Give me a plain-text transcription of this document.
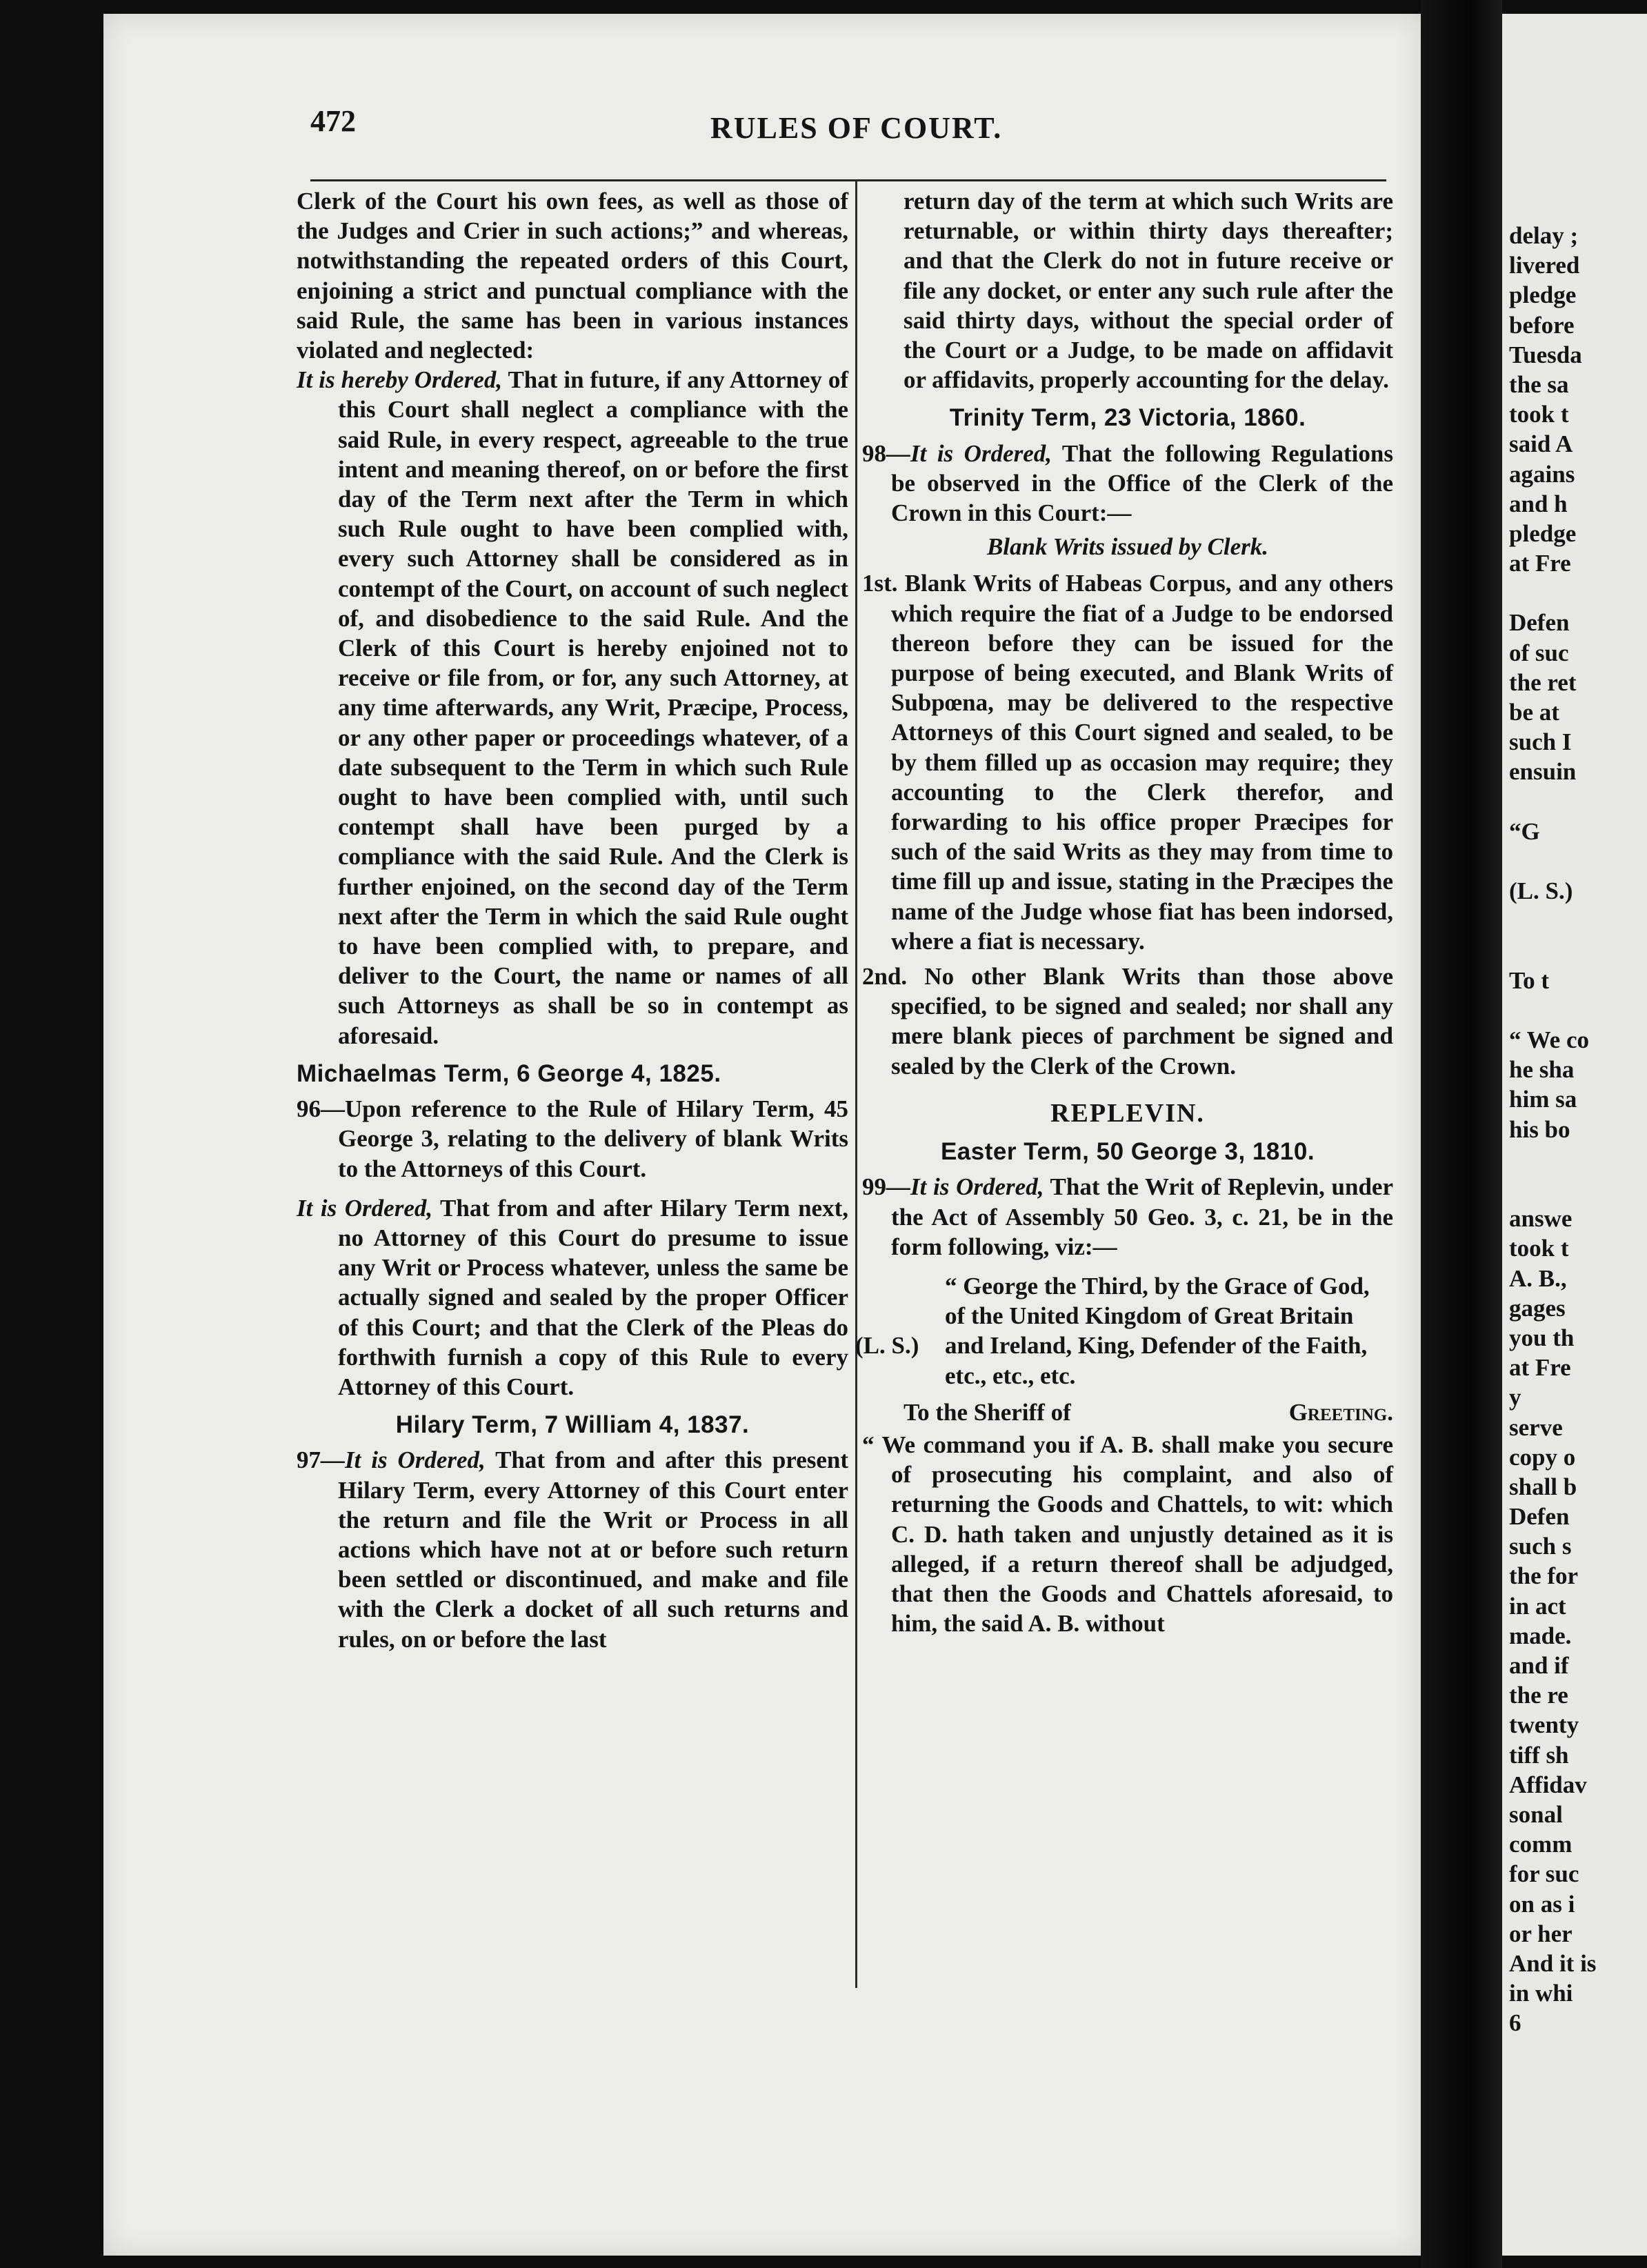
delay ;
livered
pledge
before
Tuesda
the sa
took t
said A
agains
and h
pledge
at Fre
Defen
of suc
the ret
be at
such I
ensuin
“G
(L. S.)
To t
“ We co
he sha
him sa
his bo
answe
took t
A. B.,
gages
you th
at Fre
y
serve
copy o
shall b
Defen
such s
the for
in act
made.
and if
the re
twenty
tiff sh
Affidav
sonal
comm
for suc
on as i
or her
And it is
in whi
6
472	RULES OF COURT.

Clerk of the Court his own fees, as well as those of the Judges and Crier in such actions;” and whereas, notwithstanding the repeated orders of this Court, enjoining a strict and punctual compliance with the said Rule, the same has been in various instances violated and neglected:

It is hereby Ordered, That in future, if any Attorney of this Court shall neglect a compliance with the said Rule, in every respect, agreeable to the true intent and meaning thereof, on or before the first day of the Term next after the Term in which such Rule ought to have been complied with, every such Attorney shall be considered as in contempt of the Court, on account of such neglect of, and disobedience to the said Rule. And the Clerk of this Court is hereby enjoined not to receive or file from, or for, any such Attorney, at any time afterwards, any Writ, Præcipe, Process, or any other paper or proceedings whatever, of a date subsequent to the Term in which such Rule ought to have been complied with, until such contempt shall have been purged by a compliance with the said Rule. And the Clerk is further enjoined, on the second day of the Term next after the Term in which the said Rule ought to have been complied with, to prepare, and deliver to the Court, the name or names of all such Attorneys as shall be so in contempt as aforesaid.

Michaelmas Term, 6 George 4, 1825.

96—Upon reference to the Rule of Hilary Term, 45 George 3, relating to the delivery of blank Writs to the Attorneys of this Court.

It is Ordered, That from and after Hilary Term next, no Attorney of this Court do presume to issue any Writ or Process whatever, unless the same be actually signed and sealed by the proper Officer of this Court; and that the Clerk of the Pleas do forthwith furnish a copy of this Rule to every Attorney of this Court.

Hilary Term, 7 William 4, 1837.

97—It is Ordered, That from and after this present Hilary Term, every Attorney of this Court enter the return and file the Writ or Process in all actions which have not at or before such return been settled or discontinued, and make and file with the Clerk a docket of all such returns and rules, on or before the last

return day of the term at which such Writs are returnable, or within thirty days thereafter; and that the Clerk do not in future receive or file any docket, or enter any such rule after the said thirty days, without the special order of the Court or a Judge, to be made on affidavit or affidavits, properly accounting for the delay.

Trinity Term, 23 Victoria, 1860.

98—It is Ordered, That the following Regulations be observed in the Office of the Clerk of the Crown in this Court:—

Blank Writs issued by Clerk.

1st. Blank Writs of Habeas Corpus, and any others which require the fiat of a Judge to be endorsed thereon before they can be issued for the purpose of being executed, and Blank Writs of Subpœna, may be delivered to the respective Attorneys of this Court signed and sealed, to be by them filled up as occasion may require; they accounting to the Clerk therefor, and forwarding to his office proper Præcipes for such of the said Writs as they may from time to time fill up and issue, stating in the Præcipes the name of the Judge whose fiat has been indorsed, where a fiat is necessary.

2nd. No other Blank Writs than those above specified, to be signed and sealed; nor shall any mere blank pieces of parchment be signed and sealed by the Clerk of the Crown.

REPLEVIN.

Easter Term, 50 George 3, 1810.

99—It is Ordered, That the Writ of Replevin, under the Act of Assembly 50 Geo. 3, c. 21, be in the form following, viz:—

(L. S.)

“ George the Third, by the Grace of God, of the United Kingdom of Great Britain and Ireland, King, Defender of the Faith, etc., etc., etc.

To the Sheriff of	Greeting.

“ We command you if A. B. shall make you secure of prosecuting his complaint, and also of returning the Goods and Chattels, to wit: which C. D. hath taken and unjustly detained as it is alleged, if a return thereof shall be adjudged, that then the Goods and Chattels aforesaid, to him, the said A. B. without
